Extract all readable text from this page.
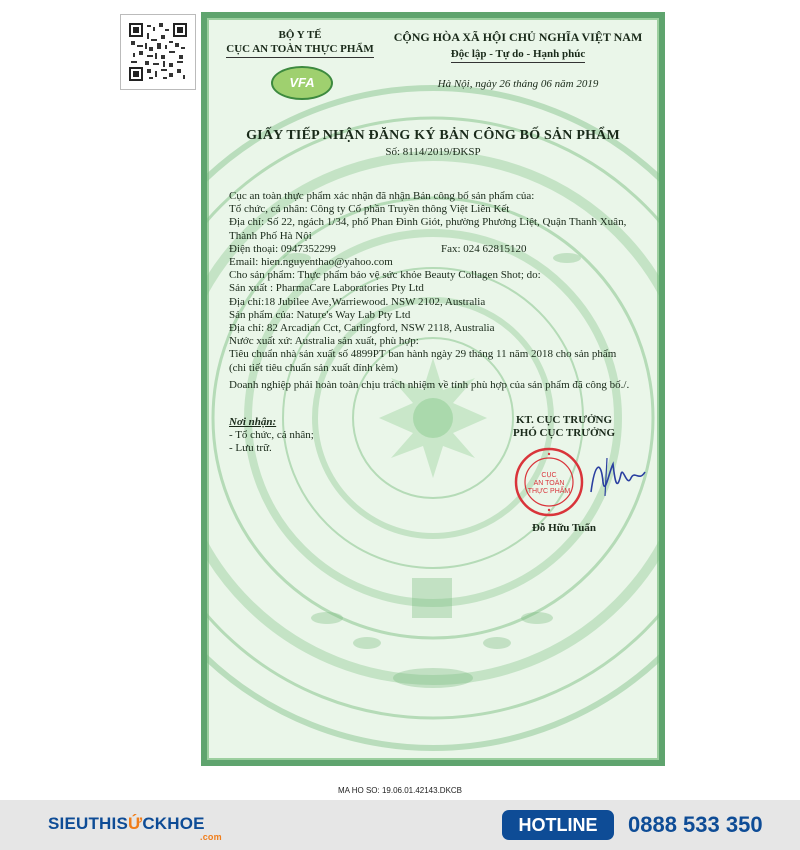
BỘ Y TẾ
CỤC AN TOÀN THỰC PHẨM
VFA
CỘNG HÒA XÃ HỘI CHỦ NGHĨA VIỆT NAM
Độc lập - Tự do - Hạnh phúc
Hà Nội, ngày 26 tháng 06 năm 2019
GIẤY TIẾP NHẬN ĐĂNG KÝ BẢN CÔNG BỐ SẢN PHẨM
Số: 8114/2019/ĐKSP
Cục an toàn thực phẩm xác nhận đã nhận Bản công bố sản phẩm của:
Tổ chức, cá nhân: Công ty Cổ phần Truyền thông Việt Liên Kết
Địa chỉ: Số 22, ngách 1/34, phố Phan Đình Giót, phường Phương Liệt, Quận Thanh Xuân,
Thành Phố Hà Nội
Điện thoại: 0947352299	Fax: 024 62815120
Email: hien.nguyenthao@yahoo.com
Cho sản phẩm: Thực phẩm bảo vệ sức khỏe Beauty Collagen Shot; do:
Sản xuất : PharmaCare Laboratories Pty Ltd
Địa chỉ:18 Jubilee Ave,Warriewood. NSW 2102, Australia
Sản phẩm của: Nature's Way Lab Pty Ltd
Địa chỉ: 82 Arcadian Cct, Carlingford, NSW 2118, Australia
Nước xuất xứ: Australia sản xuất, phù hợp:
Tiêu chuẩn nhà sản xuất số 4899PT ban hành ngày 29 tháng 11 năm 2018 cho sản phẩm
(chi tiết tiêu chuẩn sản xuất đính kèm)
Doanh nghiệp phải hoàn toàn chịu trách nhiệm về tính phù hợp của sản phẩm đã công bố./.
Nơi nhận:
- Tổ chức, cá nhân;
- Lưu trữ.
KT. CỤC TRƯỞNG
PHÓ CỤC TRƯỞNG
CỤC
AN TOÀN
THỰC PHẨM
Đỗ Hữu Tuấn
MA HO SO: 19.06.01.42143.DKCB
SIEUTHISỨCKHOE
.com
HOTLINE	0888 533 350
